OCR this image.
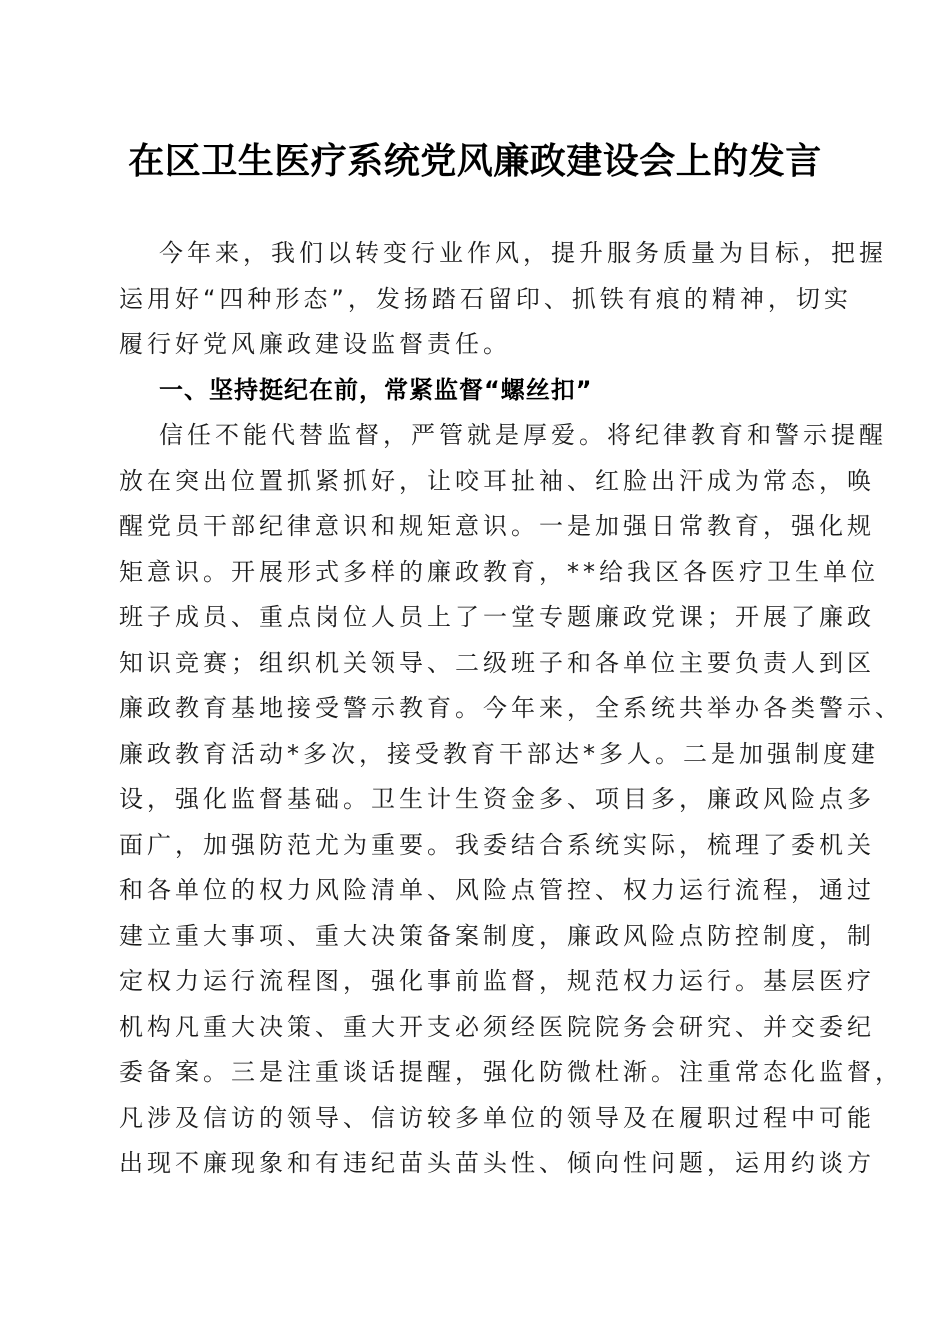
在区卫生医疗系统党风廉政建设会上的发言
今年来，我们以转变行业作风，提升服务质量为目标，把握
运用好“四种形态”，发扬踏石留印、抓铁有痕的精神，切实
履行好党风廉政建设监督责任。
一、坚持挺纪在前，常紧监督“螺丝扣”
信任不能代替监督，严管就是厚爱。将纪律教育和警示提醒
放在突出位置抓紧抓好，让咬耳扯袖、红脸出汗成为常态，唤
醒党员干部纪律意识和规矩意识。一是加强日常教育，强化规
矩意识。开展形式多样的廉政教育，**给我区各医疗卫生单位
班子成员、重点岗位人员上了一堂专题廉政党课；开展了廉政
知识竞赛；组织机关领导、二级班子和各单位主要负责人到区
廉政教育基地接受警示教育。今年来，全系统共举办各类警示、
廉政教育活动*多次，接受教育干部达*多人。二是加强制度建
设，强化监督基础。卫生计生资金多、项目多，廉政风险点多
面广，加强防范尤为重要。我委结合系统实际，梳理了委机关
和各单位的权力风险清单、风险点管控、权力运行流程，通过
建立重大事项、重大决策备案制度，廉政风险点防控制度，制
定权力运行流程图，强化事前监督，规范权力运行。基层医疗
机构凡重大决策、重大开支必须经医院院务会研究、并交委纪
委备案。三是注重谈话提醒，强化防微杜渐。注重常态化监督，
凡涉及信访的领导、信访较多单位的领导及在履职过程中可能
出现不廉现象和有违纪苗头苗头性、倾向性问题，运用约谈方
